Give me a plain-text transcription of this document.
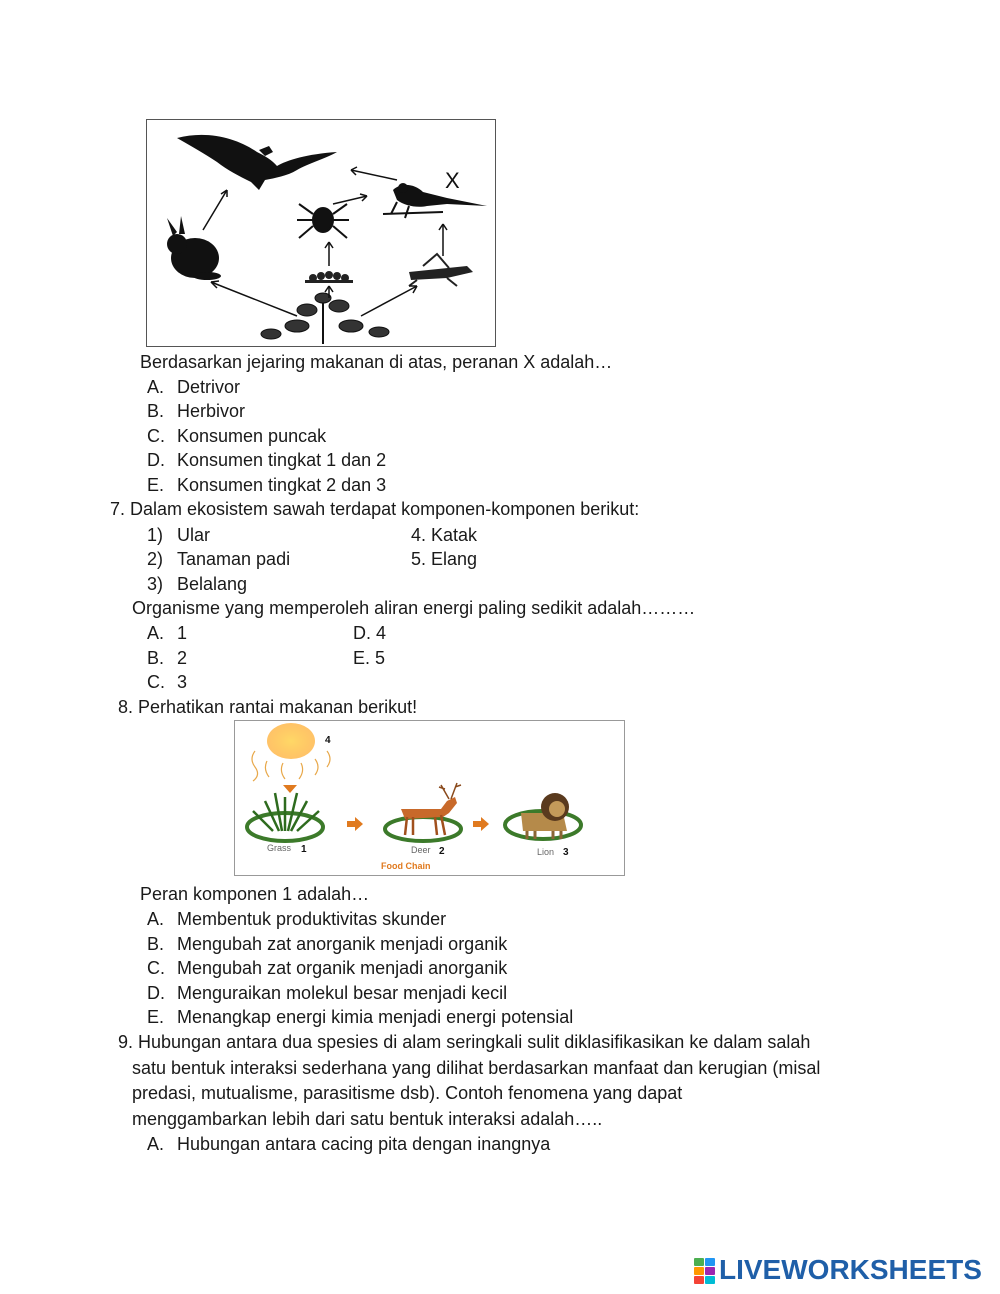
X
Berdasarkan jejaring makanan di atas, peranan X adalah…
A. Detrivor
B. Herbivor
C. Konsumen puncak
D. Konsumen tingkat 1 dan 2
E. Konsumen tingkat 2 dan 3
7. Dalam ekosistem sawah terdapat komponen-komponen berikut:
1) Ular
2) Tanaman padi
3) Belalang
4. Katak
5. Elang
Organisme yang memperoleh aliran energi paling sedikit adalah………
A. 1
B. 2
C. 3
D. 4
E. 5
8. Perhatikan rantai makanan berikut!
4
Grass 1	Deer 2	Lion 3
Food Chain
Peran komponen 1 adalah…
A. Membentuk produktivitas skunder
B. Mengubah zat anorganik menjadi organik
C. Mengubah zat organik menjadi anorganik
D. Menguraikan molekul besar menjadi kecil
E. Menangkap energi kimia menjadi energi potensial
9. Hubungan antara dua spesies di alam seringkali sulit diklasifikasikan ke dalam salah
satu bentuk interaksi sederhana yang dilihat berdasarkan manfaat dan kerugian (misal
predasi, mutualisme, parasitisme dsb). Contoh fenomena yang dapat
menggambarkan lebih dari satu bentuk interaksi adalah…..
A. Hubungan antara cacing pita dengan inangnya
LIVEWORKSHEETS
